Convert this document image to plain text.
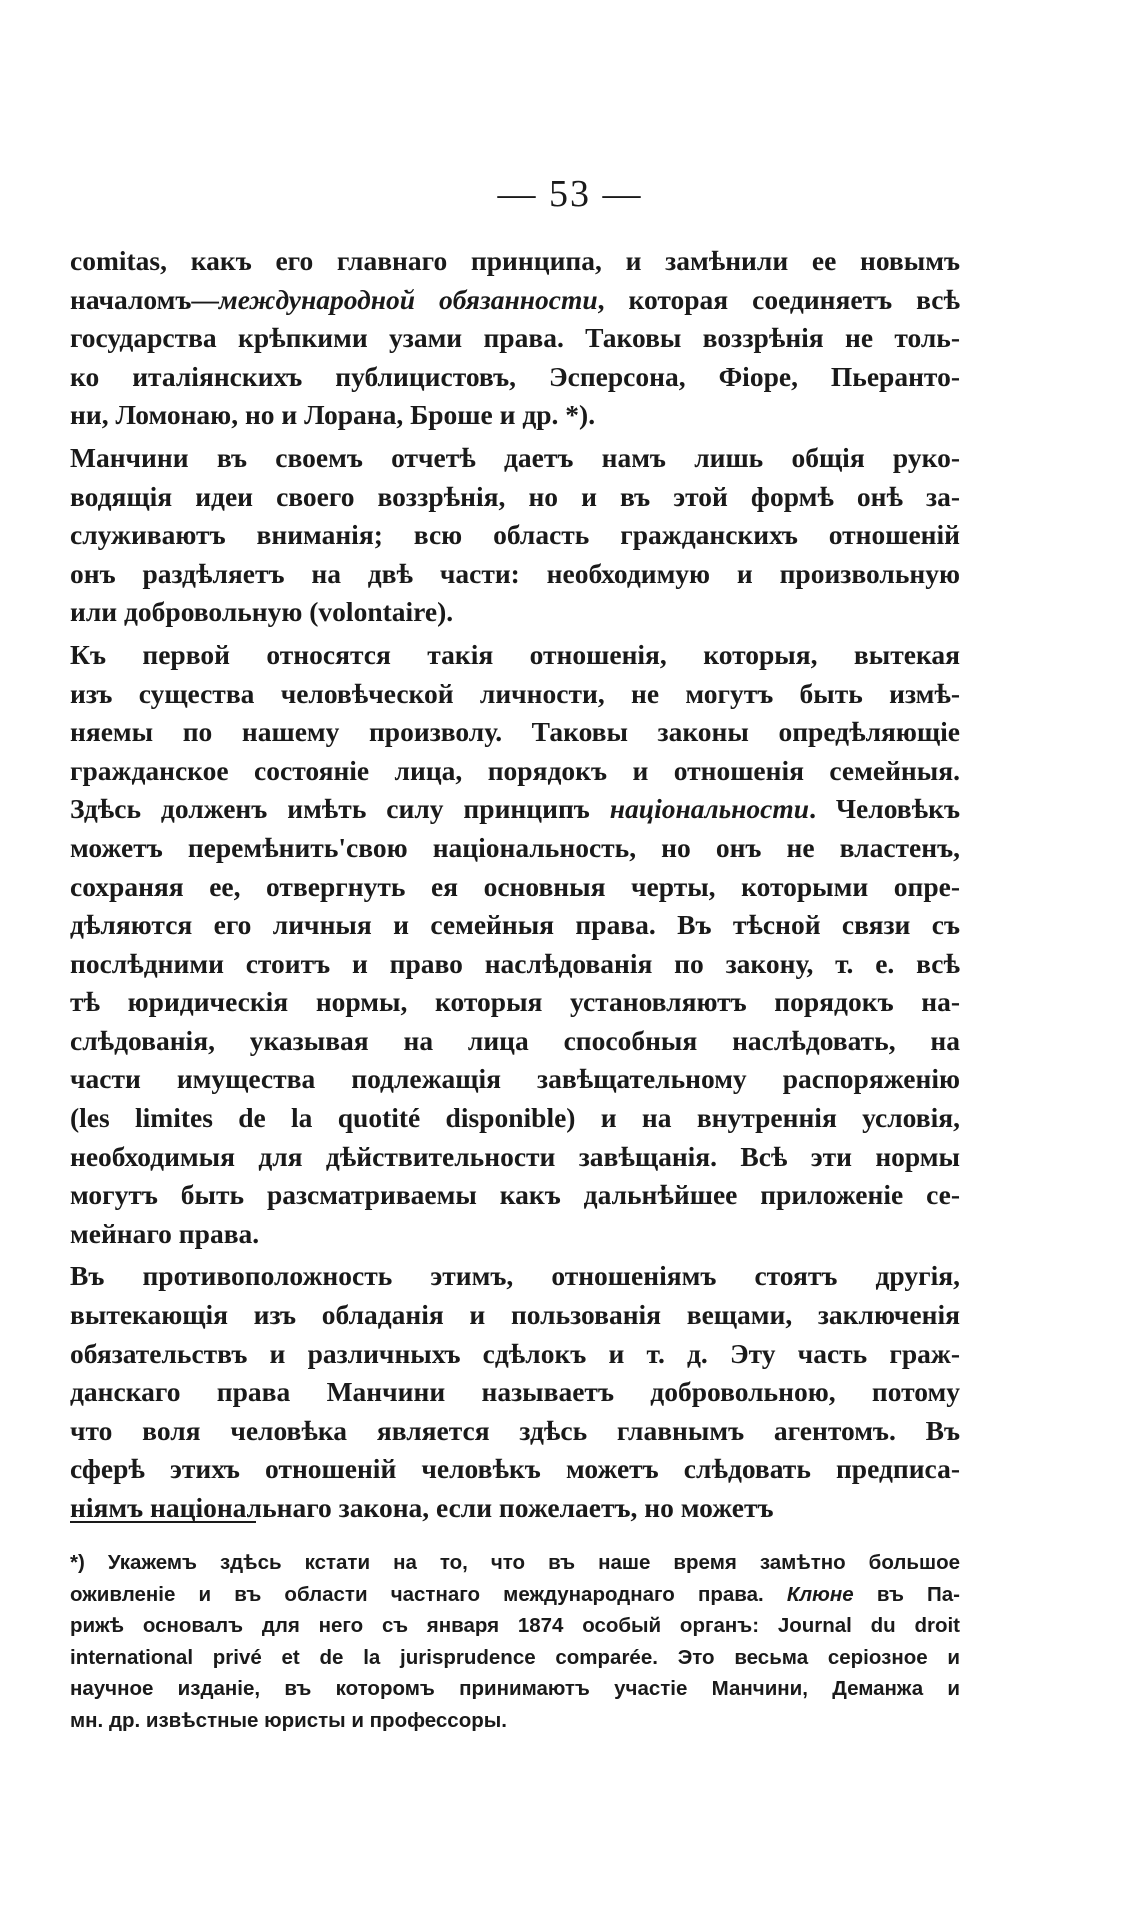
— 53 —
comitas, какъ его главнаго принципа, и замѣнили ее новымъ
началомъ—международной обязанности, которая соединяетъ всѣ
государства крѣпкими узами права. Таковы воззрѣнія не толь-
ко италіянскихъ публицистовъ, Эсперсона, Фіоре, Пьеранто-
ни, Ломонаю, но и Лорана, Броше и др. *).
Манчини въ своемъ отчетѣ даетъ намъ лишь общія руко-
водящія идеи своего воззрѣнія, но и въ этой формѣ онѣ за-
служиваютъ вниманія; всю область гражданскихъ отношеній
онъ раздѣляетъ на двѣ части: необходимую и произвольную
или добровольную (volontaire).
Къ первой относятся такія отношенія, которыя, вытекая
изъ существа человѣческой личности, не могутъ быть измѣ-
няемы по нашему произволу. Таковы законы опредѣляющіе
гражданское состояніе лица, порядокъ и отношенія семейныя.
Здѣсь долженъ имѣть силу принципъ національности. Человѣкъ
можетъ перемѣнить'свою національность, но онъ не властенъ,
сохраняя ее, отвергнуть ея основныя черты, которыми опре-
дѣляются его личныя и семейныя права. Въ тѣсной связи съ
послѣдними стоитъ и право наслѣдованія по закону, т. е. всѣ
тѣ юридическія нормы, которыя установляютъ порядокъ на-
слѣдованія, указывая на лица способныя наслѣдовать, на
части имущества подлежащія завѣщательному распоряженію
(les limites de la quotité disponible) и на внутреннія условія,
необходимыя для дѣйствительности завѣщанія. Всѣ эти нормы
могутъ быть разсматриваемы какъ дальнѣйшее приложеніе се-
мейнаго права.
Въ противоположность этимъ, отношеніямъ стоятъ другія,
вытекающія изъ обладанія и пользованія вещами, заключенія
обязательствъ и различныхъ сдѣлокъ и т. д. Эту часть граж-
данскаго права Манчини называетъ добровольною, потому
что воля человѣка является здѣсь главнымъ агентомъ. Въ
сферѣ этихъ отношеній человѣкъ можетъ слѣдовать предписа-
ніямъ національнаго закона, если пожелаетъ, но можетъ
*) Укажемъ здѣсь кстати на то, что въ наше время замѣтно большое
оживленіе и въ области частнаго международнаго права. Клюне въ Па-
рижѣ основалъ для него съ января 1874 особый органъ: Journal du droit
international privé et de la jurisprudence comparée. Это весьма серіозное и
научное изданіе, въ которомъ принимаютъ участіе Манчини, Деманжа и
мн. др. извѣстные юристы и профессоры.
